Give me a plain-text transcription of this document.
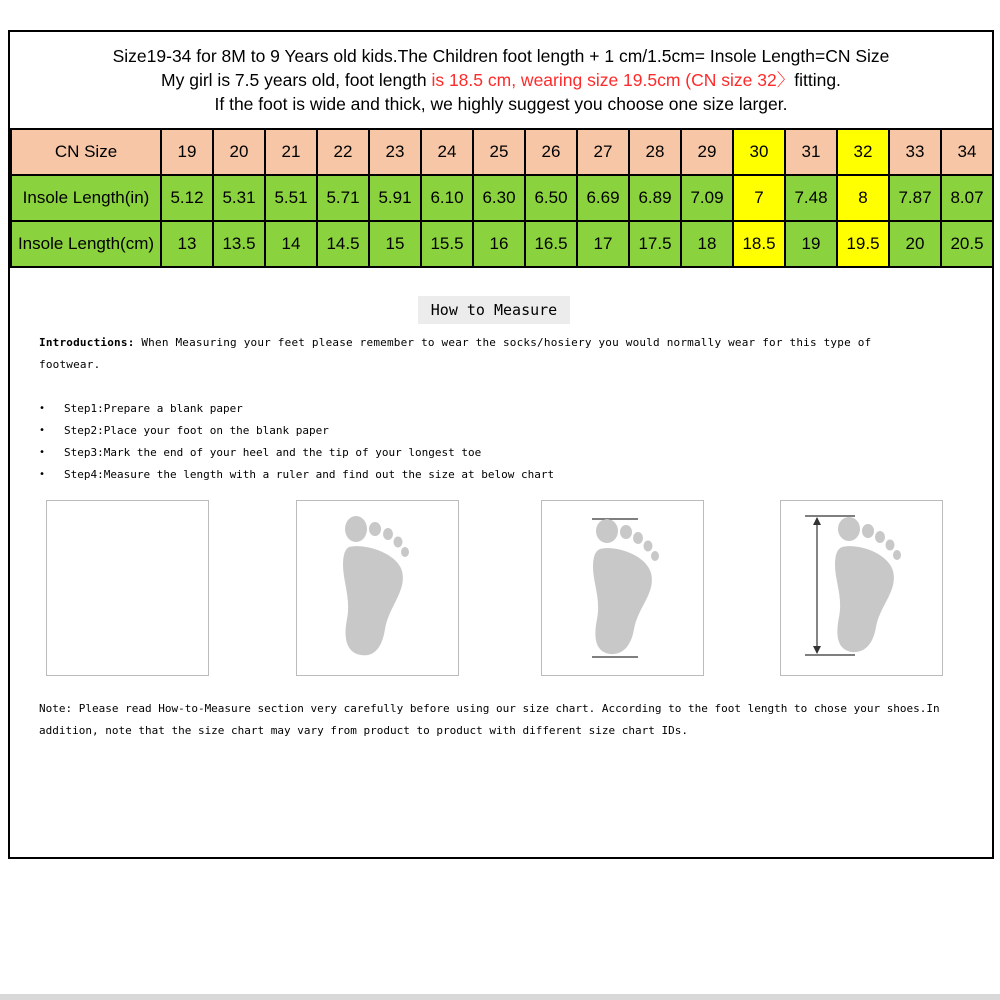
Size19-34 for 8M to 9 Years old kids.The Children foot length + 1 cm/1.5cm= Insole Length=CN Size
My girl is 7.5 years old, foot length is 18.5 cm, wearing size 19.5cm (CN size 32〉fitting.
If the foot is wide and thick, we highly suggest you choose one size larger.
CN Size	19	20	21	22	23	24	25	26	27	28	29	30	31	32	33	34
Insole Length(in)	5.12	5.31	5.51	5.71	5.91	6.10	6.30	6.50	6.69	6.89	7.09	7	7.48	8	7.87	8.07
Insole Length(cm)	13	13.5	14	14.5	15	15.5	16	16.5	17	17.5	18	18.5	19	19.5	20	20.5
How to Measure
Introductions: When Measuring your feet please remember to wear the socks/hosiery you would normally wear for this type of footwear.
• Step1:Prepare a blank paper
• Step2:Place your foot on the blank paper
• Step3:Mark the end of your heel and the tip of your longest toe
• Step4:Measure the length with a ruler and find out the size at below chart
Note: Please read How-to-Measure section very carefully before using our size chart. According to the foot length to chose your shoes.In addition, note that the size chart may vary from product to product with different size chart IDs.
